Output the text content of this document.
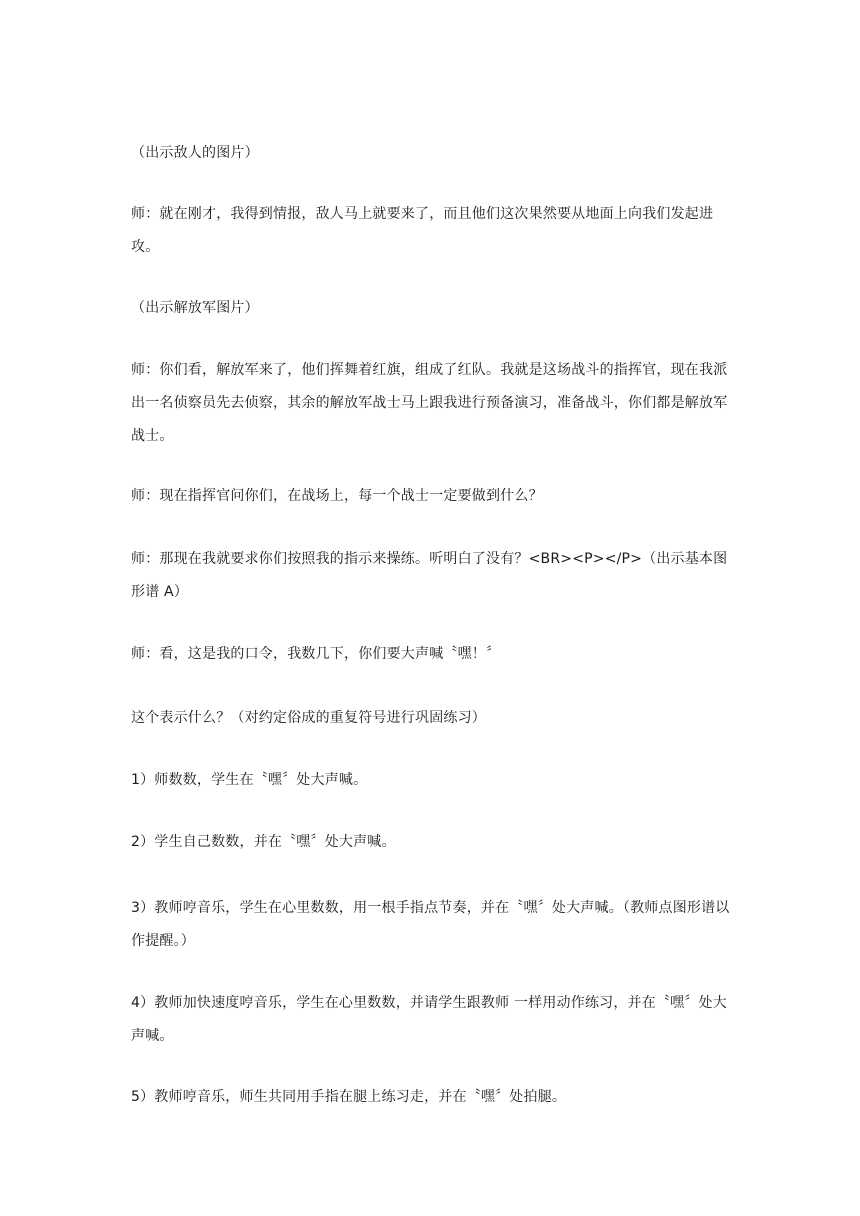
（出示敌人的图片）

师：就在刚才，我得到情报，敌人马上就要来了，而且他们这次果然要从地面上向我们发起进攻。

（出示解放军图片）

师：你们看，解放军来了，他们挥舞着红旗，组成了红队。我就是这场战斗的指挥官，现在我派出一名侦察员先去侦察，其余的解放军战士马上跟我进行预备演习，准备战斗，你们都是解放军战士。

师：现在指挥官问你们，在战场上，每一个战士一定要做到什么？

师：那现在我就要求你们按照我的指示来操练。听明白了没有？<BR><P></P>（出示基本图形谱 A）

师：看，这是我的口令，我数几下，你们要大声喊〝嘿！〞

这个表示什么？（对约定俗成的重复符号进行巩固练习）

1）师数数，学生在〝嘿〞处大声喊。

2）学生自己数数，并在〝嘿〞处大声喊。

3）教师哼音乐，学生在心里数数，用一根手指点节奏，并在〝嘿〞处大声喊。（教师点图形谱以作提醒。）

4）教师加快速度哼音乐，学生在心里数数，并请学生跟教师 一样用动作练习，并在〝嘿〞处大声喊。

5）教师哼音乐，师生共同用手指在腿上练习走，并在〝嘿〞处拍腿。
